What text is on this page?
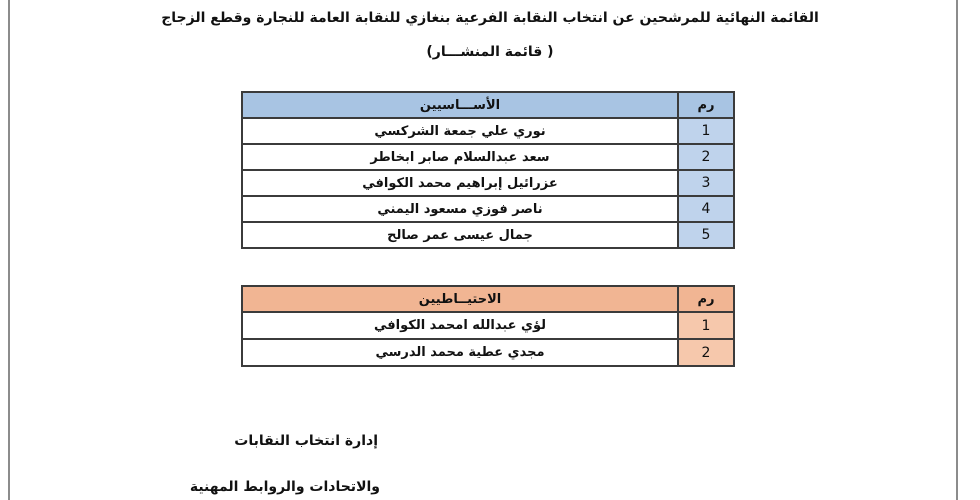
القائمة النهائية للمرشحين عن انتخاب النقابة الفرعية بنغازي للنقابة العامة للنجارة وقطع الزجاج
( قائمة المنشـــار)
رم	الأســـاسيين
1	نوري علي جمعة الشركسي
2	سعد عبدالسلام صابر ابخاطر
3	عزرائيل إبراهيم محمد الكوافي
4	ناصر فوزي مسعود اليمني
5	جمال عيسى عمر صالح
رم	الاحتيــاطيين
1	لؤي عبدالله امحمد الكوافي
2	مجدي عطية محمد الدرسي
إدارة انتخاب النقابات
والاتحادات والروابط المهنية
